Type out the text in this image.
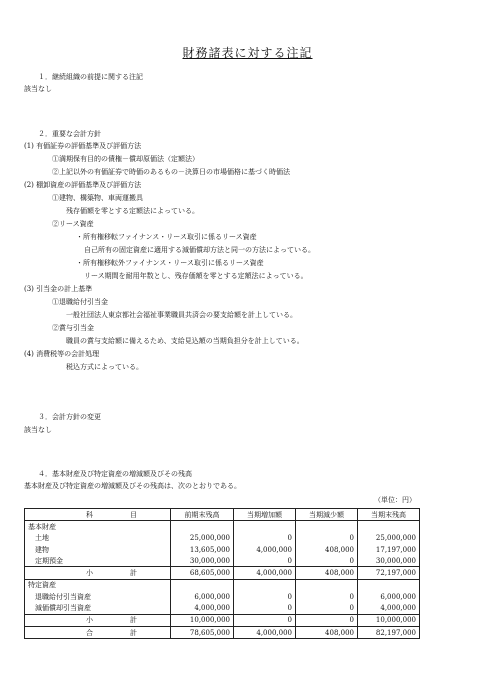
財務諸表に対する注記
１．継続組織の前提に関する注記
該当なし
２．重要な会計方針
(1) 有価証券の評価基準及び評価方法
①満期保有目的の債権－償却原価法（定額法）
②上記以外の有価証券で時価のあるもの－決算日の市場価格に基づく時価法
(2) 棚卸資産の評価基準及び評価方法
①建物、構築物、車両運搬具
残存価額を零とする定額法によっている。
②リース資産
・所有権移転ファイナンス・リース取引に係るリース資産
自己所有の固定資産に適用する減価償却方法と同一の方法によっている。
・所有権移転外ファイナンス・リース取引に係るリース資産
リース期間を耐用年数とし、残存価額を零とする定額法によっている。
(3) 引当金の計上基準
①退職給付引当金
一般社団法人東京都社会福祉事業職員共済会の要支給額を計上している。
②賞与引当金
職員の賞与支給額に備えるため、支給見込額の当期負担分を計上している。
(4) 消費税等の会計処理
税込方式によっている。
３．会計方針の変更
該当なし
４．基本財産及び特定資産の増減額及びその残高
基本財産及び特定資産の増減額及びその残高は、次のとおりである。
（単位：円）
科 目	前期末残高	当期増加額	当期減少額	当期末残高
基本財産				
土地	25,000,000	0	0	25,000,000
建物	13,605,000	4,000,000	408,000	17,197,000
定期預金	30,000,000	0	0	30,000,000

小 計	68,605,000	4,000,000	408,000	72,197,000
特定資産				
退職給付引当資産	6,000,000	0	0	6,000,000
減価償却引当資産	4,000,000	0	0	4,000,000

小 計	10,000,000	0	0	10,000,000

合 計	78,605,000	4,000,000	408,000	82,197,000
